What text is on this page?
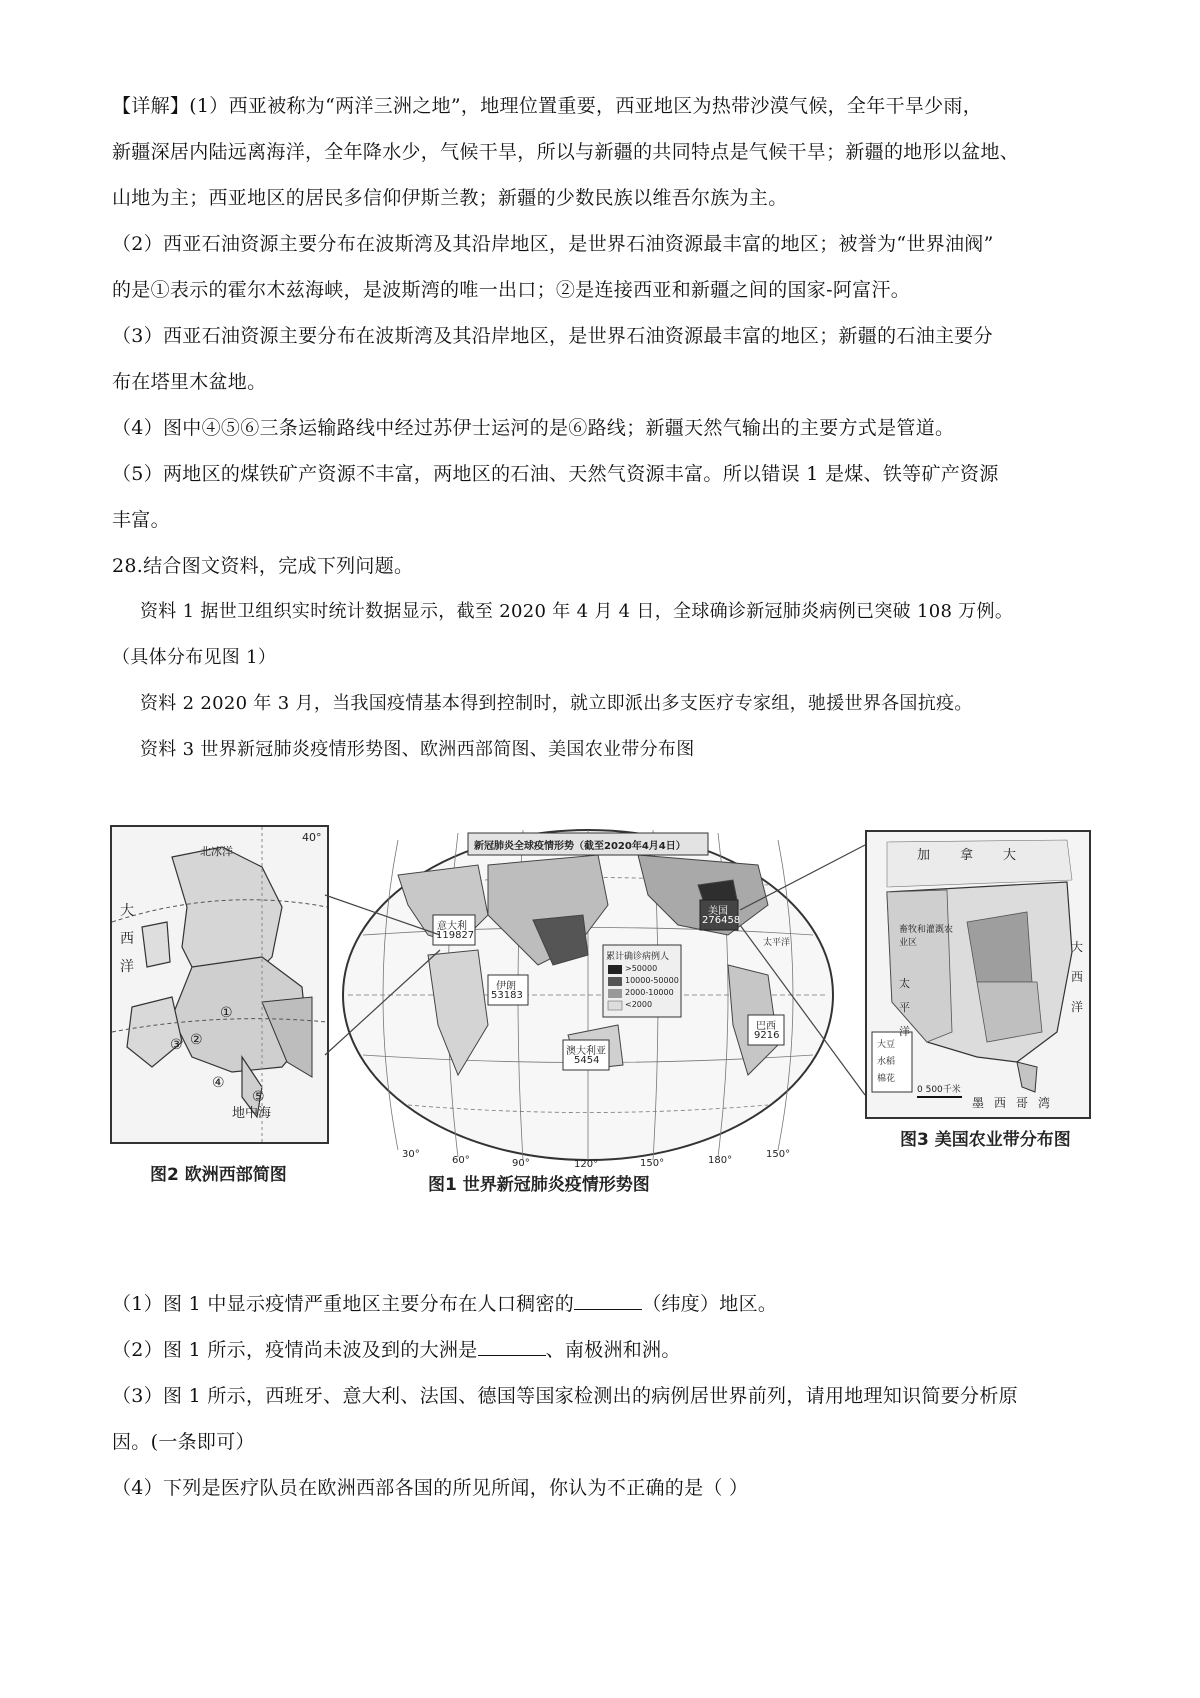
【详解】(1）西亚被称为“两洋三洲之地”，地理位置重要，西亚地区为热带沙漠气候，全年干旱少雨，
新疆深居内陆远离海洋，全年降水少，气候干旱，所以与新疆的共同特点是气候干旱；新疆的地形以盆地、
山地为主；西亚地区的居民多信仰伊斯兰教；新疆的少数民族以维吾尔族为主。
（2）西亚石油资源主要分布在波斯湾及其沿岸地区，是世界石油资源最丰富的地区；被誉为“世界油阀”
的是①表示的霍尔木兹海峡，是波斯湾的唯一出口；②是连接西亚和新疆之间的国家-阿富汗。
（3）西亚石油资源主要分布在波斯湾及其沿岸地区，是世界石油资源最丰富的地区；新疆的石油主要分
布在塔里木盆地。
（4）图中④⑤⑥三条运输路线中经过苏伊士运河的是⑥路线；新疆天然气输出的主要方式是管道。
（5）两地区的煤铁矿产资源不丰富，两地区的石油、天然气资源丰富。所以错误 1 是煤、铁等矿产资源
丰富。
28.结合图文资料，完成下列问题。
资料 1 据世卫组织实时统计数据显示，截至 2020 年 4 月 4 日，全球确诊新冠肺炎病例已突破 108 万例。
（具体分布见图 1）
资料 2 2020 年 3 月，当我国疫情基本得到控制时，就立即派出多支医疗专家组，驰援世界各国抗疫。
资料 3 世界新冠肺炎疫情形势图、欧洲西部简图、美国农业带分布图
北冰洋
40°
大西洋
地中海
①
②
③
④
⑤
图2 欧洲西部简图
新冠肺炎全球疫情形势（截至2020年4月4日）
意大利
119827
伊朗
53183
美国
276458
累计确诊病例人
>50000
10000-50000
2000-10000
<2000
巴西
9216
澳大利亚
5454
太平洋
30°
60°	90°	120°	150°	180°
150°
图1 世界新冠肺炎疫情形势图
加拿大
畜牧和灌溉农业区
墨西哥湾
太平洋
大西洋
0 500千米
大豆
水稻
棉花
图3 美国农业带分布图
（1）图 1 中显示疫情严重地区主要分布在人口稠密的	（纬度）地区。
（2）图 1 所示，疫情尚未波及到的大洲是	、南极洲和洲。
（3）图 1 所示，西班牙、意大利、法国、德国等国家检测出的病例居世界前列，请用地理知识简要分析原
因。(一条即可）
（4）下列是医疗队员在欧洲西部各国的所见所闻，你认为不正确的是（ ）
